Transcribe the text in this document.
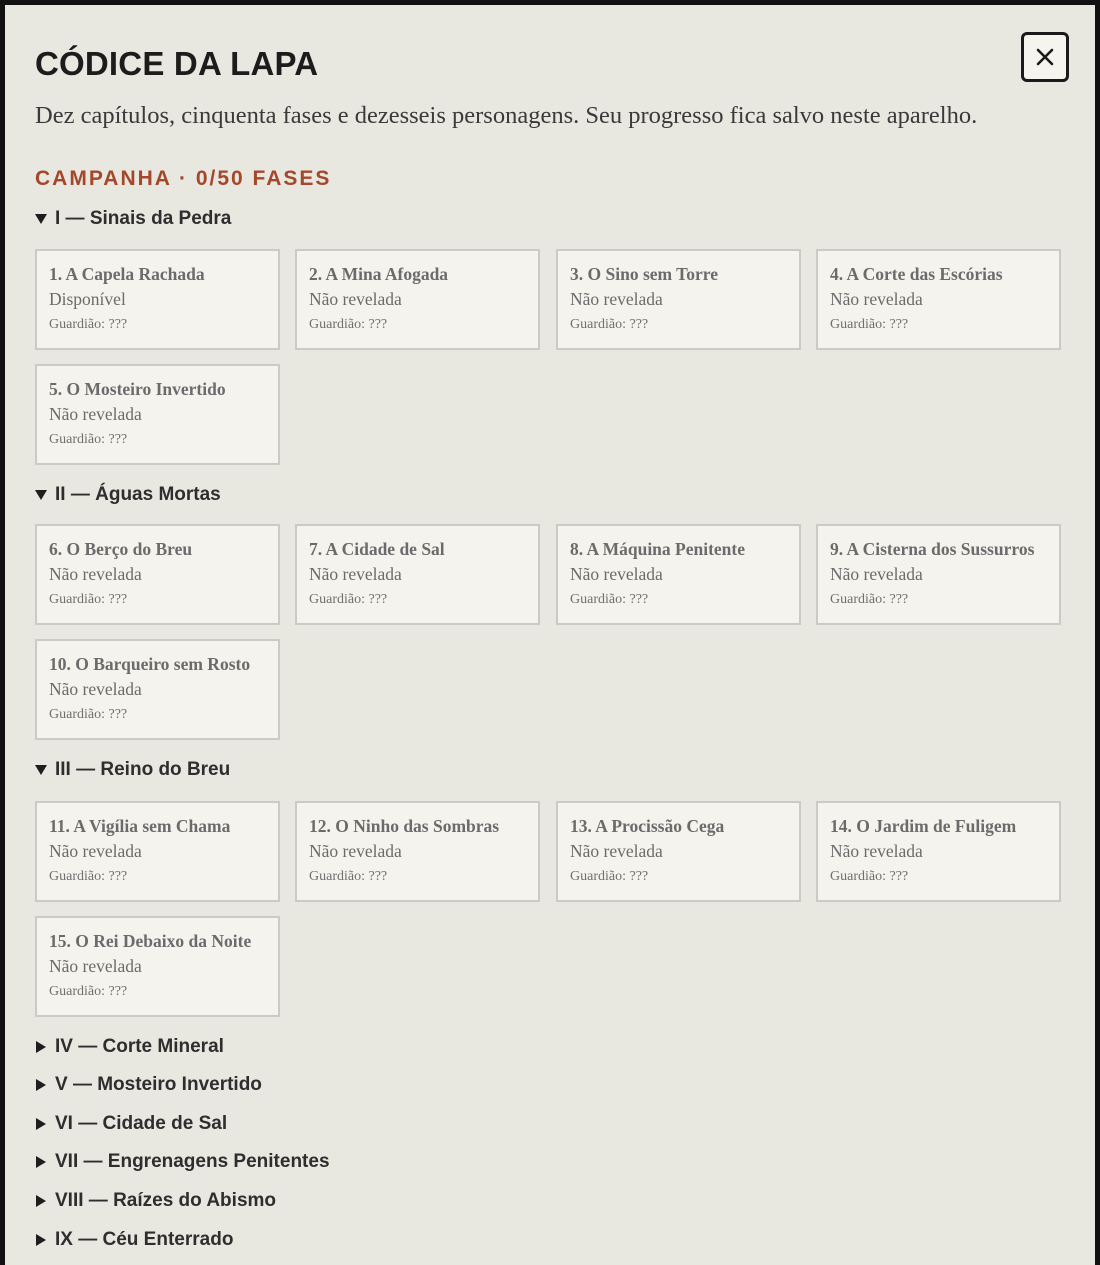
CÓDICE DA LAPA

Dez capítulos, cinquenta fases e dezesseis personagens. Seu progresso fica salvo neste aparelho.

CAMPANHA · 0/50 FASES
I — Sinais da Pedra
1. A Capela Rachada
Disponível
Guardião: ???
2. A Mina Afogada
Não revelada
Guardião: ???
3. O Sino sem Torre
Não revelada
Guardião: ???
4. A Corte das Escórias
Não revelada
Guardião: ???
5. O Mosteiro Invertido
Não revelada
Guardião: ???
II — Águas Mortas
6. O Berço do Breu
Não revelada
Guardião: ???
7. A Cidade de Sal
Não revelada
Guardião: ???
8. A Máquina Penitente
Não revelada
Guardião: ???
9. A Cisterna dos Sussurros
Não revelada
Guardião: ???
10. O Barqueiro sem Rosto
Não revelada
Guardião: ???
III — Reino do Breu
11. A Vigília sem Chama
Não revelada
Guardião: ???
12. O Ninho das Sombras
Não revelada
Guardião: ???
13. A Procissão Cega
Não revelada
Guardião: ???
14. O Jardim de Fuligem
Não revelada
Guardião: ???
15. O Rei Debaixo da Noite
Não revelada
Guardião: ???
IV — Corte Mineral
V — Mosteiro Invertido
VI — Cidade de Sal
VII — Engrenagens Penitentes
VIII — Raízes do Abismo
IX — Céu Enterrado
